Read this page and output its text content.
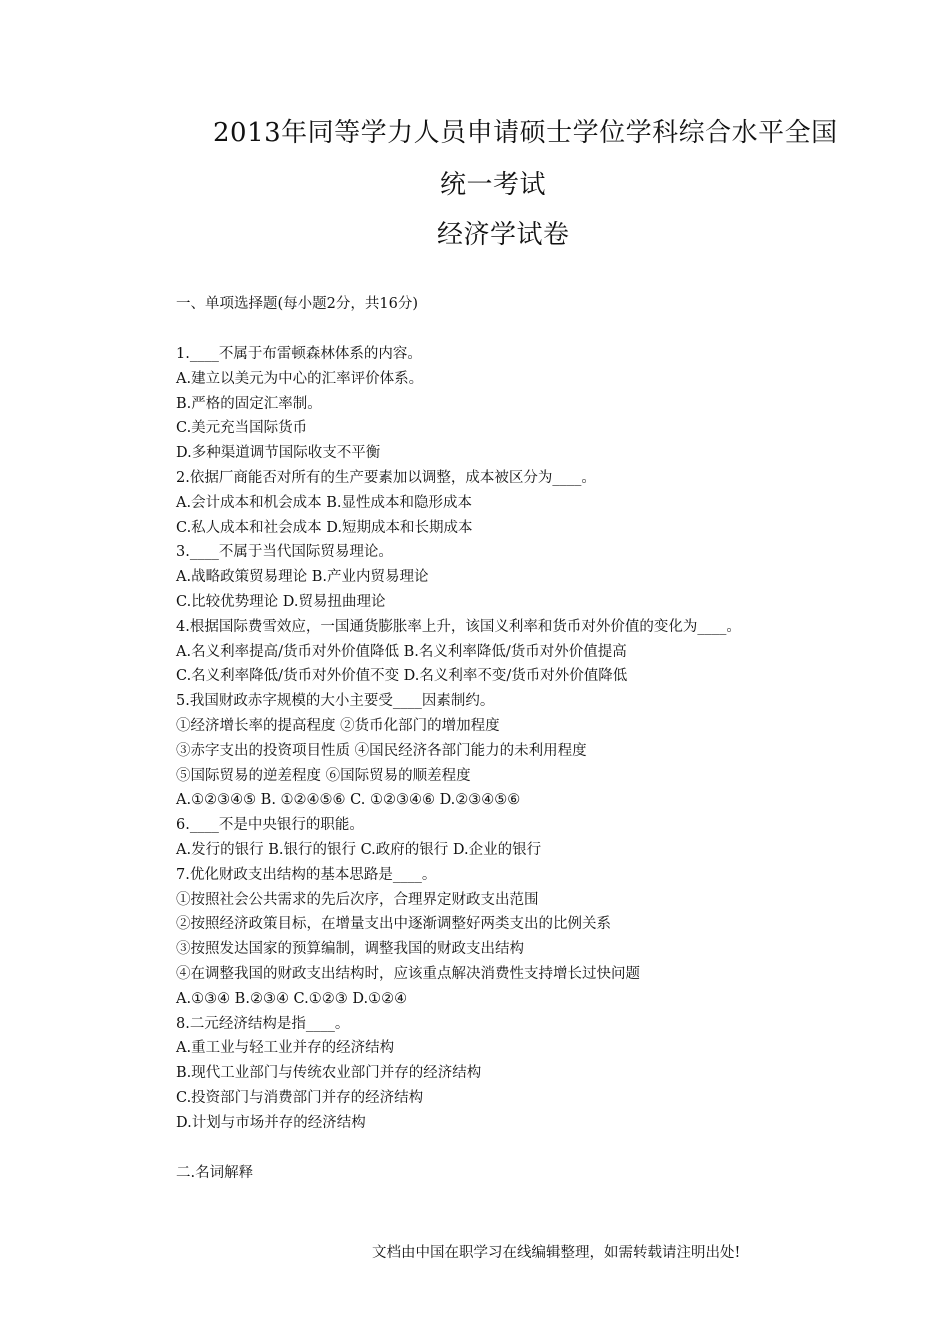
2013年同等学力人员申请硕士学位学科综合水平全国
统一考试
经济学试卷
一、单项选择题(每小题2分，共16分)
1.____不属于布雷顿森林体系的内容。
A.建立以美元为中心的汇率评价体系。
B.严格的固定汇率制。
C.美元充当国际货币
D.多种渠道调节国际收支不平衡
2.依据厂商能否对所有的生产要素加以调整，成本被区分为____。
A.会计成本和机会成本 B.显性成本和隐形成本
C.私人成本和社会成本 D.短期成本和长期成本
3.____不属于当代国际贸易理论。
A.战略政策贸易理论 B.产业内贸易理论
C.比较优势理论 D.贸易扭曲理论
4.根据国际费雪效应，一国通货膨胀率上升，该国义利率和货币对外价值的变化为____。
A.名义利率提高/货币对外价值降低 B.名义利率降低/货币对外价值提高
C.名义利率降低/货币对外价值不变 D.名义利率不变/货币对外价值降低
5.我国财政赤字规模的大小主要受____因素制约。
①经济增长率的提高程度 ②货币化部门的增加程度
③赤字支出的投资项目性质 ④国民经济各部门能力的未利用程度
⑤国际贸易的逆差程度 ⑥国际贸易的顺差程度
A.①②③④⑤ B. ①②④⑤⑥ C. ①②③④⑥ D.②③④⑤⑥
6.____不是中央银行的职能。
A.发行的银行 B.银行的银行 C.政府的银行 D.企业的银行
7.优化财政支出结构的基本思路是____。
①按照社会公共需求的先后次序，合理界定财政支出范围
②按照经济政策目标，在增量支出中逐渐调整好两类支出的比例关系
③按照发达国家的预算编制，调整我国的财政支出结构
④在调整我国的财政支出结构时，应该重点解决消费性支持增长过快问题
A.①③④ B.②③④ C.①②③ D.①②④
8.二元经济结构是指____。
A.重工业与轻工业并存的经济结构
B.现代工业部门与传统农业部门并存的经济结构
C.投资部门与消费部门并存的经济结构
D.计划与市场并存的经济结构
二.名词解释
文档由中国在职学习在线编辑整理，如需转载请注明出处!
